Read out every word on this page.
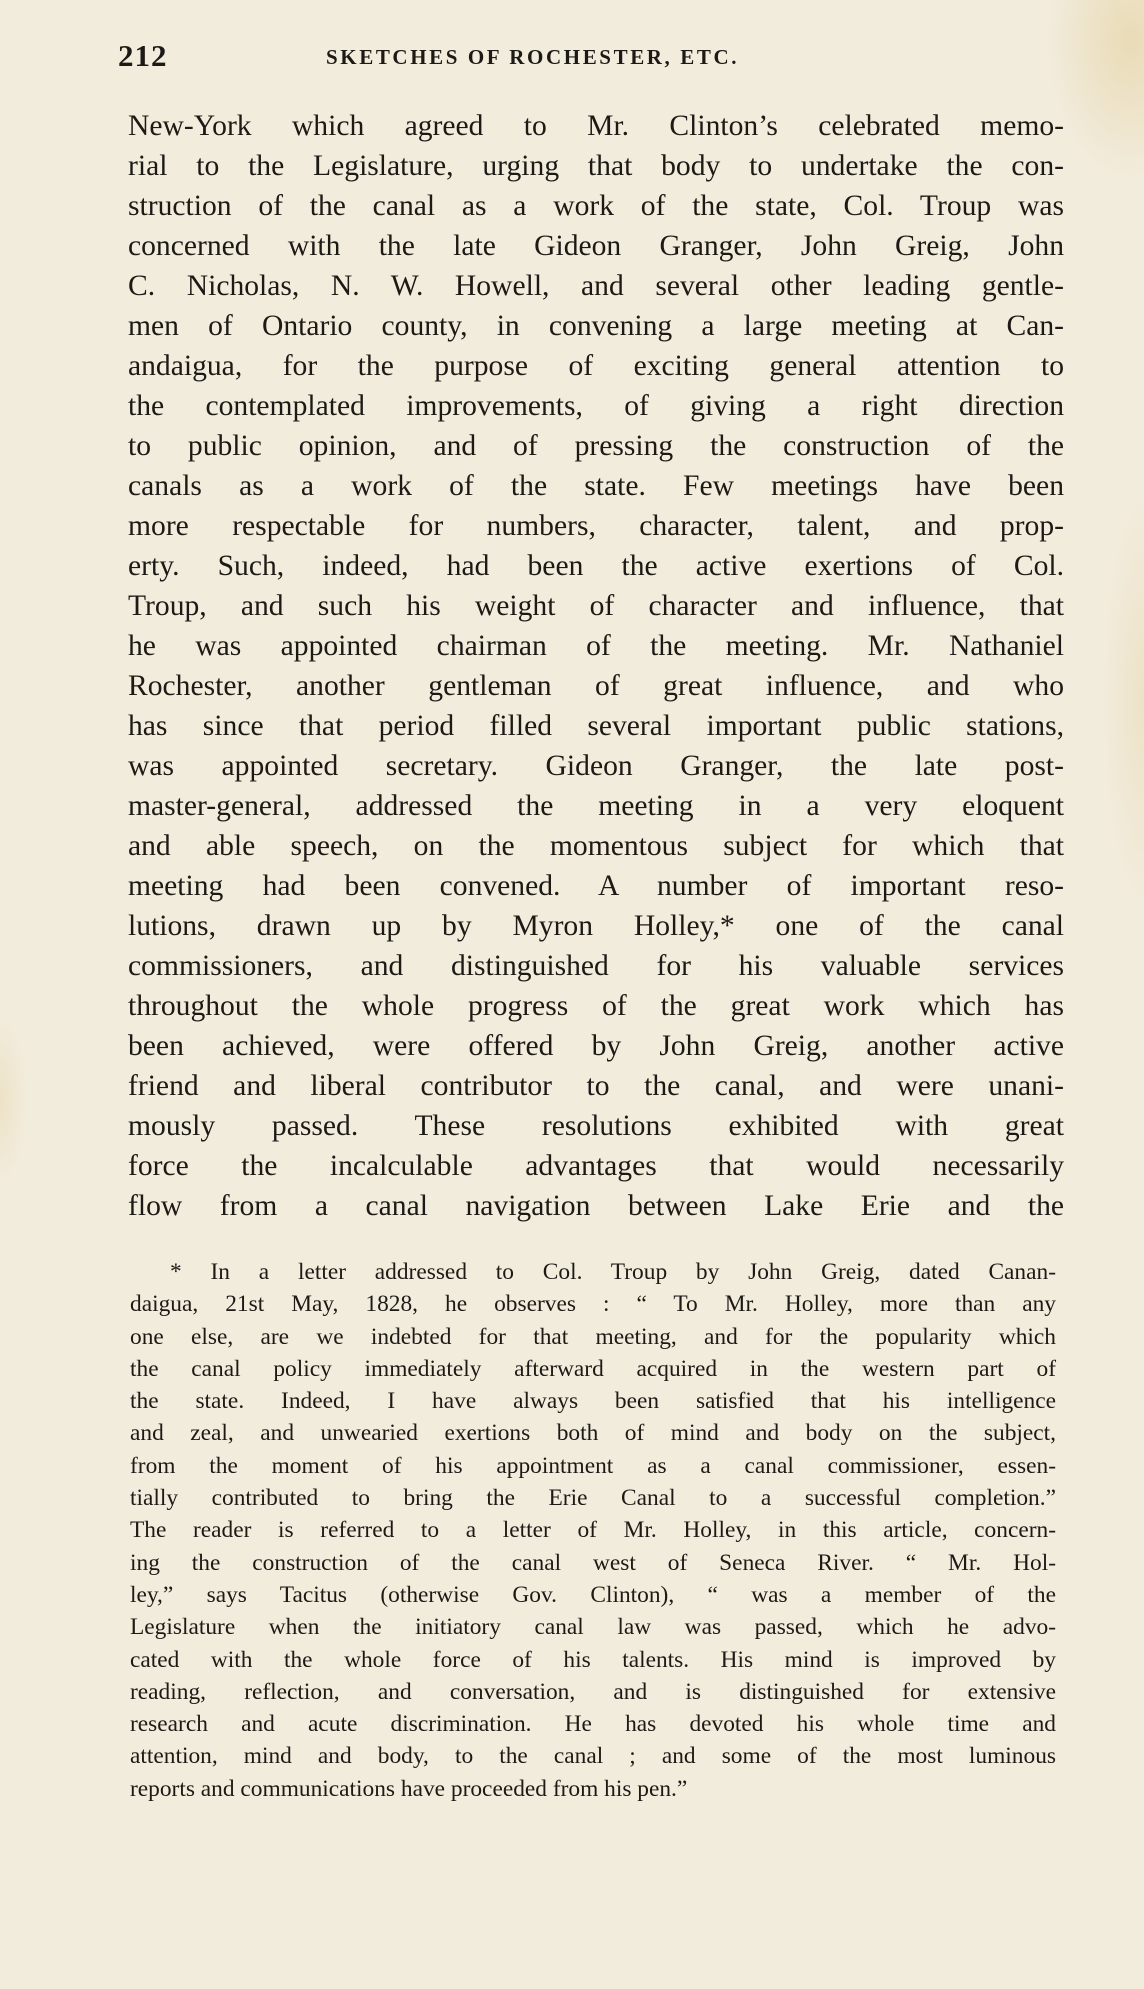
212	SKETCHES OF ROCHESTER, ETC.
New-York which agreed to Mr. Clinton’s celebrated memo-
rial to the Legislature, urging that body to undertake the con-
struction of the canal as a work of the state, Col. Troup was
concerned with the late Gideon Granger, John Greig, John
C. Nicholas, N. W. Howell, and several other leading gentle-
men of Ontario county, in convening a large meeting at Can-
andaigua, for the purpose of exciting general attention to
the contemplated improvements, of giving a right direction
to public opinion, and of pressing the construction of the
canals as a work of the state. Few meetings have been
more respectable for numbers, character, talent, and prop-
erty. Such, indeed, had been the active exertions of Col.
Troup, and such his weight of character and influence, that
he was appointed chairman of the meeting. Mr. Nathaniel
Rochester, another gentleman of great influence, and who
has since that period filled several important public stations,
was appointed secretary. Gideon Granger, the late post-
master-general, addressed the meeting in a very eloquent
and able speech, on the momentous subject for which that
meeting had been convened. A number of important reso-
lutions, drawn up by Myron Holley,* one of the canal
commissioners, and distinguished for his valuable services
throughout the whole progress of the great work which has
been achieved, were offered by John Greig, another active
friend and liberal contributor to the canal, and were unani-
mously passed. These resolutions exhibited with great
force the incalculable advantages that would necessarily
flow from a canal navigation between Lake Erie and the
* In a letter addressed to Col. Troup by John Greig, dated Canan-
daigua, 21st May, 1828, he observes : “ To Mr. Holley, more than any
one else, are we indebted for that meeting, and for the popularity which
the canal policy immediately afterward acquired in the western part of
the state. Indeed, I have always been satisfied that his intelligence
and zeal, and unwearied exertions both of mind and body on the subject,
from the moment of his appointment as a canal commissioner, essen-
tially contributed to bring the Erie Canal to a successful completion.”
The reader is referred to a letter of Mr. Holley, in this article, concern-
ing the construction of the canal west of Seneca River. “ Mr. Hol-
ley,” says Tacitus (otherwise Gov. Clinton), “ was a member of the
Legislature when the initiatory canal law was passed, which he advo-
cated with the whole force of his talents. His mind is improved by
reading, reflection, and conversation, and is distinguished for extensive
research and acute discrimination. He has devoted his whole time and
attention, mind and body, to the canal ; and some of the most luminous
reports and communications have proceeded from his pen.”
